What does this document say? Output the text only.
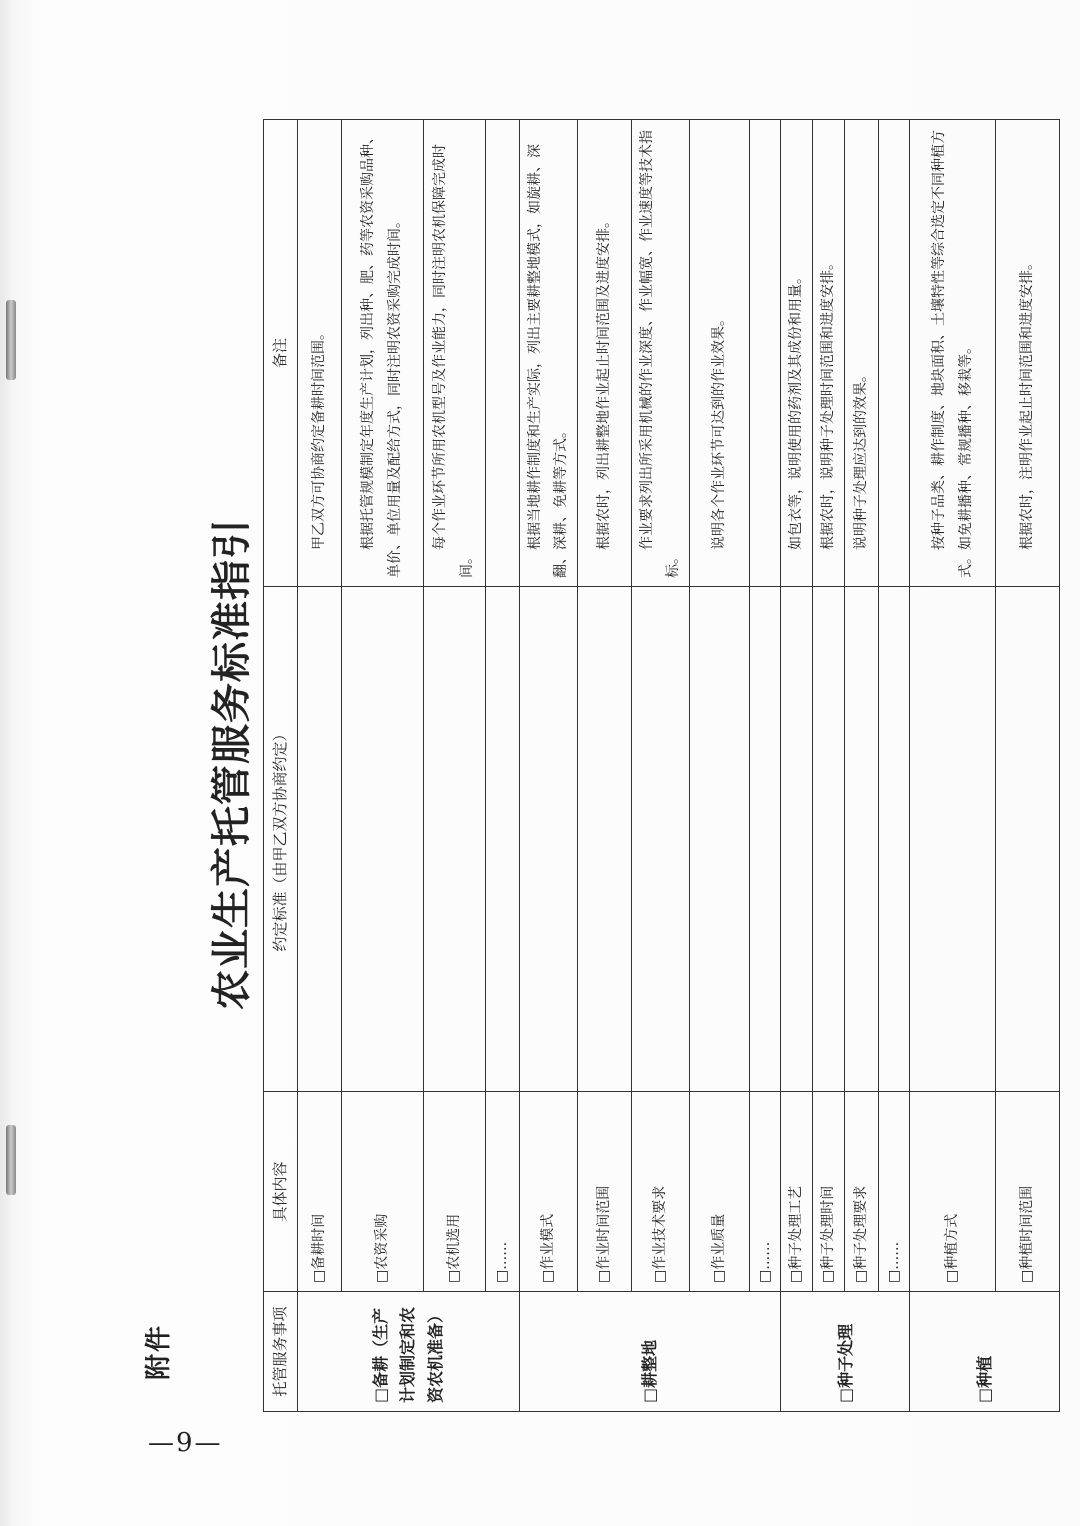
附件
—9—
农业生产托管服务标准指引
托管服务事项	具体内容	约定标准（由甲乙双方协商约定）	备注
□备耕（生产计划制定和农资农机准备）	□备耕时间		甲乙双方可协商约定备耕时间范围。
	□农资采购		根据托管规模制定年度生产计划，列出种、肥、药等农资采购品种、单价、单位用量及配给方式，同时注明农资采购完成时间。
	□农机选用		每个作业环节所用农机型号及作业能力，同时注明农机保障完成时间。
	□……		
□耕整地	□作业模式		根据当地耕作制度和生产实际，列出主要耕整地模式，如旋耕、深翻、深耕、免耕等方式。
	□作业时间范围		根据农时，列出耕整地作业起止时间范围及进度安排。
	□作业技术要求		作业要求列出所采用机械的作业深度、作业幅宽、作业速度等技术指标。
	□作业质量		说明各个作业环节可达到的作业效果。
	□……		
□种子处理	□种子处理工艺		如包衣等，说明使用的药剂及其成份和用量。
	□种子处理时间		根据农时，说明种子处理时间范围和进度安排。
	□种子处理要求		说明种子处理应达到的效果。
	□……		
□种植	□种植方式		按种子品类、耕作制度、地块面积、土壤特性等综合选定不同种植方式。如免耕播种、常规播种、移栽等。
	□种植时间范围		根据农时，注明作业起止时间范围和进度安排。
